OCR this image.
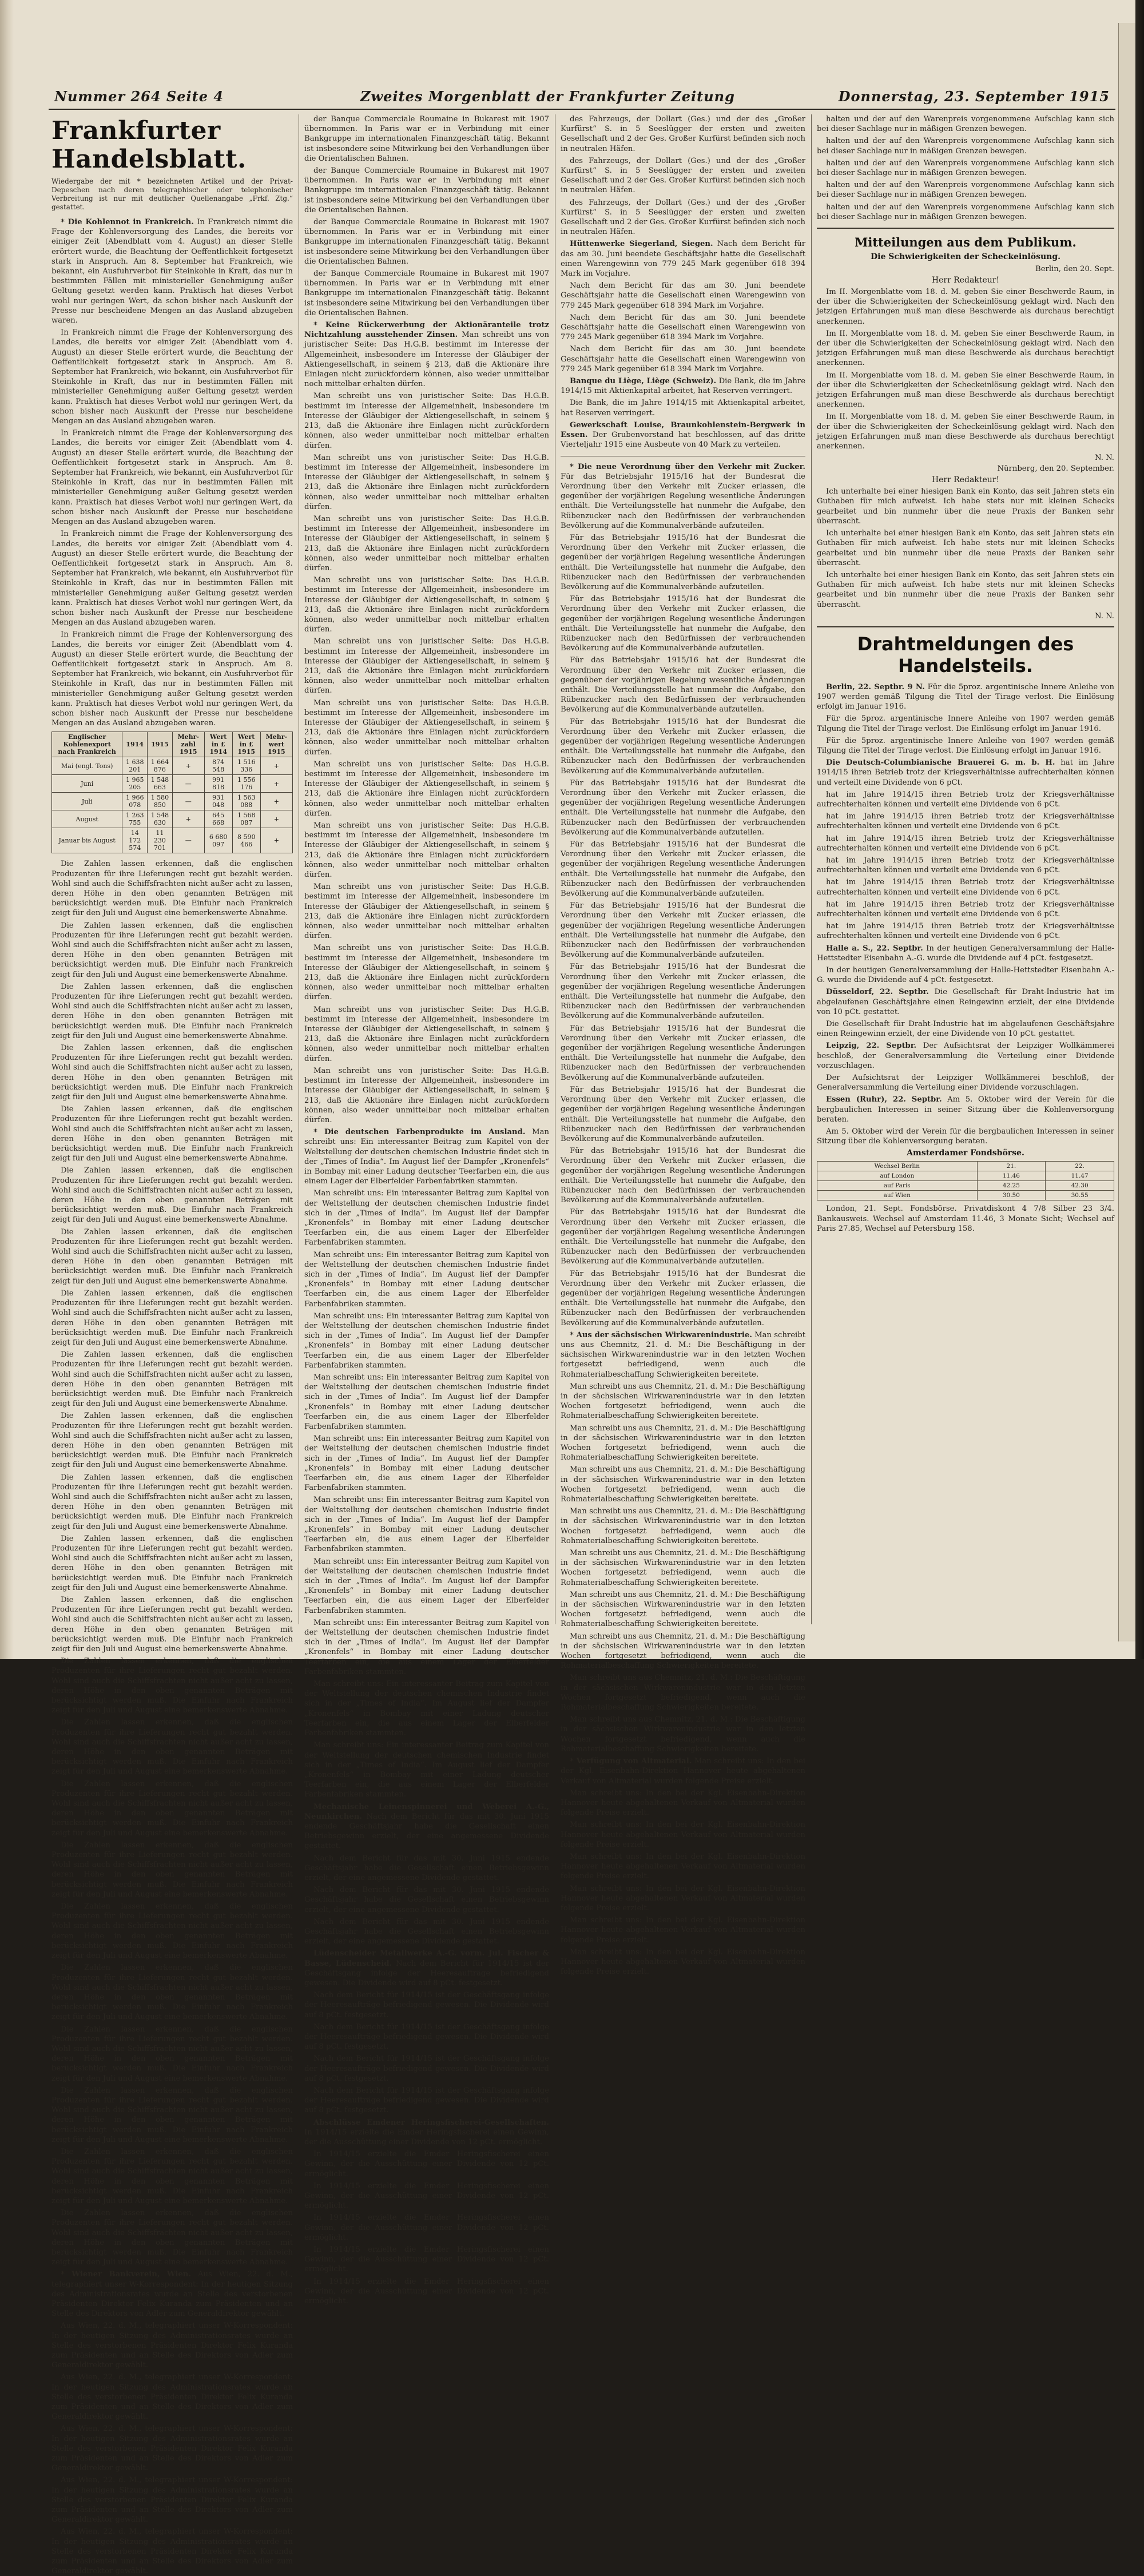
Nummer 264 Seite 4	Zweites Morgenblatt der Frankfurter Zeitung	Donnerstag, 23. September 1915
Frankfurter Handelsblatt.

Wiedergabe der mit * bezeichneten Artikel und der Privat-Depeschen nach deren telegraphischer oder telephonischer Verbreitung ist nur mit deutlicher Quellenangabe „Frkf. Ztg.“ gestattet.

* Die Kohlennot in Frankreich. In Frankreich nimmt die Frage der Kohlenversorgung des Landes, die bereits vor einiger Zeit (Abendblatt vom 4. August) an dieser Stelle erörtert wurde, die Beachtung der Oeffentlichkeit fortgesetzt stark in Anspruch. Am 8. September hat Frankreich, wie bekannt, ein Ausfuhrverbot für Steinkohle in Kraft, das nur in bestimmten Fällen mit ministerieller Genehmigung außer Geltung gesetzt werden kann. Praktisch hat dieses Verbot wohl nur geringen Wert, da schon bisher nach Auskunft der Presse nur bescheidene Mengen an das Ausland abzugeben waren.

In Frankreich nimmt die Frage der Kohlenversorgung des Landes, die bereits vor einiger Zeit (Abendblatt vom 4. August) an dieser Stelle erörtert wurde, die Beachtung der Oeffentlichkeit fortgesetzt stark in Anspruch. Am 8. September hat Frankreich, wie bekannt, ein Ausfuhrverbot für Steinkohle in Kraft, das nur in bestimmten Fällen mit ministerieller Genehmigung außer Geltung gesetzt werden kann. Praktisch hat dieses Verbot wohl nur geringen Wert, da schon bisher nach Auskunft der Presse nur bescheidene Mengen an das Ausland abzugeben waren.

In Frankreich nimmt die Frage der Kohlenversorgung des Landes, die bereits vor einiger Zeit (Abendblatt vom 4. August) an dieser Stelle erörtert wurde, die Beachtung der Oeffentlichkeit fortgesetzt stark in Anspruch. Am 8. September hat Frankreich, wie bekannt, ein Ausfuhrverbot für Steinkohle in Kraft, das nur in bestimmten Fällen mit ministerieller Genehmigung außer Geltung gesetzt werden kann. Praktisch hat dieses Verbot wohl nur geringen Wert, da schon bisher nach Auskunft der Presse nur bescheidene Mengen an das Ausland abzugeben waren.

In Frankreich nimmt die Frage der Kohlenversorgung des Landes, die bereits vor einiger Zeit (Abendblatt vom 4. August) an dieser Stelle erörtert wurde, die Beachtung der Oeffentlichkeit fortgesetzt stark in Anspruch. Am 8. September hat Frankreich, wie bekannt, ein Ausfuhrverbot für Steinkohle in Kraft, das nur in bestimmten Fällen mit ministerieller Genehmigung außer Geltung gesetzt werden kann. Praktisch hat dieses Verbot wohl nur geringen Wert, da schon bisher nach Auskunft der Presse nur bescheidene Mengen an das Ausland abzugeben waren.

In Frankreich nimmt die Frage der Kohlenversorgung des Landes, die bereits vor einiger Zeit (Abendblatt vom 4. August) an dieser Stelle erörtert wurde, die Beachtung der Oeffentlichkeit fortgesetzt stark in Anspruch. Am 8. September hat Frankreich, wie bekannt, ein Ausfuhrverbot für Steinkohle in Kraft, das nur in bestimmten Fällen mit ministerieller Genehmigung außer Geltung gesetzt werden kann. Praktisch hat dieses Verbot wohl nur geringen Wert, da schon bisher nach Auskunft der Presse nur bescheidene Mengen an das Ausland abzugeben waren.

Englischer Kohlenexport nach Frankreich	1914	1915	Mehr-zahl 1915	Wert in £ 1914	Wert in £ 1915	Mehr-wert 1915
Mai (engl. Tons)	1 638 201	1 664 876	+	874 548	1 516 336	+
Juni	1 965 205	1 548 663	—	991 818	1 556 176	+
Juli	1 966 078	1 580 850	—	931 048	1 563 088	+
August	1 263 755	1 548 630	+	645 668	1 568 087	+
Januar bis August	14 172 574	11 230 701	—	6 680 097	8 590 466	+

Die Zahlen lassen erkennen, daß die englischen Produzenten für ihre Lieferungen recht gut bezahlt werden. Wohl sind auch die Schiffsfrachten nicht außer acht zu lassen, deren Höhe in den oben genannten Beträgen mit berücksichtigt werden muß. Die Einfuhr nach Frankreich zeigt für den Juli und August eine bemerkenswerte Abnahme.

Die Zahlen lassen erkennen, daß die englischen Produzenten für ihre Lieferungen recht gut bezahlt werden. Wohl sind auch die Schiffsfrachten nicht außer acht zu lassen, deren Höhe in den oben genannten Beträgen mit berücksichtigt werden muß. Die Einfuhr nach Frankreich zeigt für den Juli und August eine bemerkenswerte Abnahme.

Die Zahlen lassen erkennen, daß die englischen Produzenten für ihre Lieferungen recht gut bezahlt werden. Wohl sind auch die Schiffsfrachten nicht außer acht zu lassen, deren Höhe in den oben genannten Beträgen mit berücksichtigt werden muß. Die Einfuhr nach Frankreich zeigt für den Juli und August eine bemerkenswerte Abnahme.

Die Zahlen lassen erkennen, daß die englischen Produzenten für ihre Lieferungen recht gut bezahlt werden. Wohl sind auch die Schiffsfrachten nicht außer acht zu lassen, deren Höhe in den oben genannten Beträgen mit berücksichtigt werden muß. Die Einfuhr nach Frankreich zeigt für den Juli und August eine bemerkenswerte Abnahme.

Die Zahlen lassen erkennen, daß die englischen Produzenten für ihre Lieferungen recht gut bezahlt werden. Wohl sind auch die Schiffsfrachten nicht außer acht zu lassen, deren Höhe in den oben genannten Beträgen mit berücksichtigt werden muß. Die Einfuhr nach Frankreich zeigt für den Juli und August eine bemerkenswerte Abnahme.

Die Zahlen lassen erkennen, daß die englischen Produzenten für ihre Lieferungen recht gut bezahlt werden. Wohl sind auch die Schiffsfrachten nicht außer acht zu lassen, deren Höhe in den oben genannten Beträgen mit berücksichtigt werden muß. Die Einfuhr nach Frankreich zeigt für den Juli und August eine bemerkenswerte Abnahme.

Die Zahlen lassen erkennen, daß die englischen Produzenten für ihre Lieferungen recht gut bezahlt werden. Wohl sind auch die Schiffsfrachten nicht außer acht zu lassen, deren Höhe in den oben genannten Beträgen mit berücksichtigt werden muß. Die Einfuhr nach Frankreich zeigt für den Juli und August eine bemerkenswerte Abnahme.

Die Zahlen lassen erkennen, daß die englischen Produzenten für ihre Lieferungen recht gut bezahlt werden. Wohl sind auch die Schiffsfrachten nicht außer acht zu lassen, deren Höhe in den oben genannten Beträgen mit berücksichtigt werden muß. Die Einfuhr nach Frankreich zeigt für den Juli und August eine bemerkenswerte Abnahme.

Die Zahlen lassen erkennen, daß die englischen Produzenten für ihre Lieferungen recht gut bezahlt werden. Wohl sind auch die Schiffsfrachten nicht außer acht zu lassen, deren Höhe in den oben genannten Beträgen mit berücksichtigt werden muß. Die Einfuhr nach Frankreich zeigt für den Juli und August eine bemerkenswerte Abnahme.

Die Zahlen lassen erkennen, daß die englischen Produzenten für ihre Lieferungen recht gut bezahlt werden. Wohl sind auch die Schiffsfrachten nicht außer acht zu lassen, deren Höhe in den oben genannten Beträgen mit berücksichtigt werden muß. Die Einfuhr nach Frankreich zeigt für den Juli und August eine bemerkenswerte Abnahme.

Die Zahlen lassen erkennen, daß die englischen Produzenten für ihre Lieferungen recht gut bezahlt werden. Wohl sind auch die Schiffsfrachten nicht außer acht zu lassen, deren Höhe in den oben genannten Beträgen mit berücksichtigt werden muß. Die Einfuhr nach Frankreich zeigt für den Juli und August eine bemerkenswerte Abnahme.

Die Zahlen lassen erkennen, daß die englischen Produzenten für ihre Lieferungen recht gut bezahlt werden. Wohl sind auch die Schiffsfrachten nicht außer acht zu lassen, deren Höhe in den oben genannten Beträgen mit berücksichtigt werden muß. Die Einfuhr nach Frankreich zeigt für den Juli und August eine bemerkenswerte Abnahme.

Die Zahlen lassen erkennen, daß die englischen Produzenten für ihre Lieferungen recht gut bezahlt werden. Wohl sind auch die Schiffsfrachten nicht außer acht zu lassen, deren Höhe in den oben genannten Beträgen mit berücksichtigt werden muß. Die Einfuhr nach Frankreich zeigt für den Juli und August eine bemerkenswerte Abnahme.

Die Zahlen lassen erkennen, daß die englischen Produzenten für ihre Lieferungen recht gut bezahlt werden. Wohl sind auch die Schiffsfrachten nicht außer acht zu lassen, deren Höhe in den oben genannten Beträgen mit berücksichtigt werden muß. Die Einfuhr nach Frankreich zeigt für den Juli und August eine bemerkenswerte Abnahme.

Die Zahlen lassen erkennen, daß die englischen Produzenten für ihre Lieferungen recht gut bezahlt werden. Wohl sind auch die Schiffsfrachten nicht außer acht zu lassen, deren Höhe in den oben genannten Beträgen mit berücksichtigt werden muß. Die Einfuhr nach Frankreich zeigt für den Juli und August eine bemerkenswerte Abnahme.

Die Zahlen lassen erkennen, daß die englischen Produzenten für ihre Lieferungen recht gut bezahlt werden. Wohl sind auch die Schiffsfrachten nicht außer acht zu lassen, deren Höhe in den oben genannten Beträgen mit berücksichtigt werden muß. Die Einfuhr nach Frankreich zeigt für den Juli und August eine bemerkenswerte Abnahme.

Die Zahlen lassen erkennen, daß die englischen Produzenten für ihre Lieferungen recht gut bezahlt werden. Wohl sind auch die Schiffsfrachten nicht außer acht zu lassen, deren Höhe in den oben genannten Beträgen mit berücksichtigt werden muß. Die Einfuhr nach Frankreich zeigt für den Juli und August eine bemerkenswerte Abnahme.

Die Zahlen lassen erkennen, daß die englischen Produzenten für ihre Lieferungen recht gut bezahlt werden. Wohl sind auch die Schiffsfrachten nicht außer acht zu lassen, deren Höhe in den oben genannten Beträgen mit berücksichtigt werden muß. Die Einfuhr nach Frankreich zeigt für den Juli und August eine bemerkenswerte Abnahme.

Die Zahlen lassen erkennen, daß die englischen Produzenten für ihre Lieferungen recht gut bezahlt werden. Wohl sind auch die Schiffsfrachten nicht außer acht zu lassen, deren Höhe in den oben genannten Beträgen mit berücksichtigt werden muß. Die Einfuhr nach Frankreich zeigt für den Juli und August eine bemerkenswerte Abnahme.

Die Zahlen lassen erkennen, daß die englischen Produzenten für ihre Lieferungen recht gut bezahlt werden. Wohl sind auch die Schiffsfrachten nicht außer acht zu lassen, deren Höhe in den oben genannten Beträgen mit berücksichtigt werden muß. Die Einfuhr nach Frankreich zeigt für den Juli und August eine bemerkenswerte Abnahme.

Die Zahlen lassen erkennen, daß die englischen Produzenten für ihre Lieferungen recht gut bezahlt werden. Wohl sind auch die Schiffsfrachten nicht außer acht zu lassen, deren Höhe in den oben genannten Beträgen mit berücksichtigt werden muß. Die Einfuhr nach Frankreich zeigt für den Juli und August eine bemerkenswerte Abnahme.

Die Zahlen lassen erkennen, daß die englischen Produzenten für ihre Lieferungen recht gut bezahlt werden. Wohl sind auch die Schiffsfrachten nicht außer acht zu lassen, deren Höhe in den oben genannten Beträgen mit berücksichtigt werden muß. Die Einfuhr nach Frankreich zeigt für den Juli und August eine bemerkenswerte Abnahme.

Die Zahlen lassen erkennen, daß die englischen Produzenten für ihre Lieferungen recht gut bezahlt werden. Wohl sind auch die Schiffsfrachten nicht außer acht zu lassen, deren Höhe in den oben genannten Beträgen mit berücksichtigt werden muß. Die Einfuhr nach Frankreich zeigt für den Juli und August eine bemerkenswerte Abnahme.

* Wiener Bankverein, Wien. Aus Wien, 22. d. M., telegraphiert unser W-Korrespondent: In der heutigen Sitzung des Administrationsrates wurde an Stelle des verstorbenen Präsidenten Direktor Felix Kuranda zum Präsidenten und an Stelle des Direktors von Adler zum Generaldirektor gewählt.

Aus Wien, 22. d. M., telegraphiert unser W-Korrespondent: In der heutigen Sitzung des Administrationsrates wurde an Stelle des verstorbenen Präsidenten Direktor Felix Kuranda zum Präsidenten und an Stelle des Direktors von Adler zum Generaldirektor gewählt.

Aus Wien, 22. d. M., telegraphiert unser W-Korrespondent: In der heutigen Sitzung des Administrationsrates wurde an Stelle des verstorbenen Präsidenten Direktor Felix Kuranda zum Präsidenten und an Stelle des Direktors von Adler zum Generaldirektor gewählt.

Aus Wien, 22. d. M., telegraphiert unser W-Korrespondent: In der heutigen Sitzung des Administrationsrates wurde an Stelle des verstorbenen Präsidenten Direktor Felix Kuranda zum Präsidenten und an Stelle des Direktors von Adler zum Generaldirektor gewählt.

Aus Wien, 22. d. M., telegraphiert unser W-Korrespondent: In der heutigen Sitzung des Administrationsrates wurde an Stelle des verstorbenen Präsidenten Direktor Felix Kuranda zum Präsidenten und an Stelle des Direktors von Adler zum Generaldirektor gewählt.

Aus Wien, 22. d. M., telegraphiert unser W-Korrespondent: In der heutigen Sitzung des Administrationsrates wurde an Stelle des verstorbenen Präsidenten Direktor Felix Kuranda zum Präsidenten und an Stelle des Direktors von Adler zum Generaldirektor gewählt.

der Banque Commerciale Roumaine in Bukarest mit 1907 übernommen. In Paris war er in Verbindung mit einer Bankgruppe im internationalen Finanzgeschäft tätig. Bekannt ist insbesondere seine Mitwirkung bei den Verhandlungen über die Orientalischen Bahnen.

der Banque Commerciale Roumaine in Bukarest mit 1907 übernommen. In Paris war er in Verbindung mit einer Bankgruppe im internationalen Finanzgeschäft tätig. Bekannt ist insbesondere seine Mitwirkung bei den Verhandlungen über die Orientalischen Bahnen.

der Banque Commerciale Roumaine in Bukarest mit 1907 übernommen. In Paris war er in Verbindung mit einer Bankgruppe im internationalen Finanzgeschäft tätig. Bekannt ist insbesondere seine Mitwirkung bei den Verhandlungen über die Orientalischen Bahnen.

der Banque Commerciale Roumaine in Bukarest mit 1907 übernommen. In Paris war er in Verbindung mit einer Bankgruppe im internationalen Finanzgeschäft tätig. Bekannt ist insbesondere seine Mitwirkung bei den Verhandlungen über die Orientalischen Bahnen.

* Keine Rückerwerbung der Aktionäranteile trotz Nichtzahlung ausstehender Zinsen. Man schreibt uns von juristischer Seite: Das H.G.B. bestimmt im Interesse der Allgemeinheit, insbesondere im Interesse der Gläubiger der Aktiengesellschaft, in seinem § 213, daß die Aktionäre ihre Einlagen nicht zurückfordern können, also weder unmittelbar noch mittelbar erhalten dürfen.

Man schreibt uns von juristischer Seite: Das H.G.B. bestimmt im Interesse der Allgemeinheit, insbesondere im Interesse der Gläubiger der Aktiengesellschaft, in seinem § 213, daß die Aktionäre ihre Einlagen nicht zurückfordern können, also weder unmittelbar noch mittelbar erhalten dürfen.

Man schreibt uns von juristischer Seite: Das H.G.B. bestimmt im Interesse der Allgemeinheit, insbesondere im Interesse der Gläubiger der Aktiengesellschaft, in seinem § 213, daß die Aktionäre ihre Einlagen nicht zurückfordern können, also weder unmittelbar noch mittelbar erhalten dürfen.

Man schreibt uns von juristischer Seite: Das H.G.B. bestimmt im Interesse der Allgemeinheit, insbesondere im Interesse der Gläubiger der Aktiengesellschaft, in seinem § 213, daß die Aktionäre ihre Einlagen nicht zurückfordern können, also weder unmittelbar noch mittelbar erhalten dürfen.

Man schreibt uns von juristischer Seite: Das H.G.B. bestimmt im Interesse der Allgemeinheit, insbesondere im Interesse der Gläubiger der Aktiengesellschaft, in seinem § 213, daß die Aktionäre ihre Einlagen nicht zurückfordern können, also weder unmittelbar noch mittelbar erhalten dürfen.

Man schreibt uns von juristischer Seite: Das H.G.B. bestimmt im Interesse der Allgemeinheit, insbesondere im Interesse der Gläubiger der Aktiengesellschaft, in seinem § 213, daß die Aktionäre ihre Einlagen nicht zurückfordern können, also weder unmittelbar noch mittelbar erhalten dürfen.

Man schreibt uns von juristischer Seite: Das H.G.B. bestimmt im Interesse der Allgemeinheit, insbesondere im Interesse der Gläubiger der Aktiengesellschaft, in seinem § 213, daß die Aktionäre ihre Einlagen nicht zurückfordern können, also weder unmittelbar noch mittelbar erhalten dürfen.

Man schreibt uns von juristischer Seite: Das H.G.B. bestimmt im Interesse der Allgemeinheit, insbesondere im Interesse der Gläubiger der Aktiengesellschaft, in seinem § 213, daß die Aktionäre ihre Einlagen nicht zurückfordern können, also weder unmittelbar noch mittelbar erhalten dürfen.

Man schreibt uns von juristischer Seite: Das H.G.B. bestimmt im Interesse der Allgemeinheit, insbesondere im Interesse der Gläubiger der Aktiengesellschaft, in seinem § 213, daß die Aktionäre ihre Einlagen nicht zurückfordern können, also weder unmittelbar noch mittelbar erhalten dürfen.

Man schreibt uns von juristischer Seite: Das H.G.B. bestimmt im Interesse der Allgemeinheit, insbesondere im Interesse der Gläubiger der Aktiengesellschaft, in seinem § 213, daß die Aktionäre ihre Einlagen nicht zurückfordern können, also weder unmittelbar noch mittelbar erhalten dürfen.

Man schreibt uns von juristischer Seite: Das H.G.B. bestimmt im Interesse der Allgemeinheit, insbesondere im Interesse der Gläubiger der Aktiengesellschaft, in seinem § 213, daß die Aktionäre ihre Einlagen nicht zurückfordern können, also weder unmittelbar noch mittelbar erhalten dürfen.

Man schreibt uns von juristischer Seite: Das H.G.B. bestimmt im Interesse der Allgemeinheit, insbesondere im Interesse der Gläubiger der Aktiengesellschaft, in seinem § 213, daß die Aktionäre ihre Einlagen nicht zurückfordern können, also weder unmittelbar noch mittelbar erhalten dürfen.

Man schreibt uns von juristischer Seite: Das H.G.B. bestimmt im Interesse der Allgemeinheit, insbesondere im Interesse der Gläubiger der Aktiengesellschaft, in seinem § 213, daß die Aktionäre ihre Einlagen nicht zurückfordern können, also weder unmittelbar noch mittelbar erhalten dürfen.

* Die deutschen Farbenprodukte im Ausland. Man schreibt uns: Ein interessanter Beitrag zum Kapitel von der Weltstellung der deutschen chemischen Industrie findet sich in der „Times of India“. Im August lief der Dampfer „Kronenfels“ in Bombay mit einer Ladung deutscher Teerfarben ein, die aus einem Lager der Elberfelder Farbenfabriken stammten.

Man schreibt uns: Ein interessanter Beitrag zum Kapitel von der Weltstellung der deutschen chemischen Industrie findet sich in der „Times of India“. Im August lief der Dampfer „Kronenfels“ in Bombay mit einer Ladung deutscher Teerfarben ein, die aus einem Lager der Elberfelder Farbenfabriken stammten.

Man schreibt uns: Ein interessanter Beitrag zum Kapitel von der Weltstellung der deutschen chemischen Industrie findet sich in der „Times of India“. Im August lief der Dampfer „Kronenfels“ in Bombay mit einer Ladung deutscher Teerfarben ein, die aus einem Lager der Elberfelder Farbenfabriken stammten.

Man schreibt uns: Ein interessanter Beitrag zum Kapitel von der Weltstellung der deutschen chemischen Industrie findet sich in der „Times of India“. Im August lief der Dampfer „Kronenfels“ in Bombay mit einer Ladung deutscher Teerfarben ein, die aus einem Lager der Elberfelder Farbenfabriken stammten.

Man schreibt uns: Ein interessanter Beitrag zum Kapitel von der Weltstellung der deutschen chemischen Industrie findet sich in der „Times of India“. Im August lief der Dampfer „Kronenfels“ in Bombay mit einer Ladung deutscher Teerfarben ein, die aus einem Lager der Elberfelder Farbenfabriken stammten.

Man schreibt uns: Ein interessanter Beitrag zum Kapitel von der Weltstellung der deutschen chemischen Industrie findet sich in der „Times of India“. Im August lief der Dampfer „Kronenfels“ in Bombay mit einer Ladung deutscher Teerfarben ein, die aus einem Lager der Elberfelder Farbenfabriken stammten.

Man schreibt uns: Ein interessanter Beitrag zum Kapitel von der Weltstellung der deutschen chemischen Industrie findet sich in der „Times of India“. Im August lief der Dampfer „Kronenfels“ in Bombay mit einer Ladung deutscher Teerfarben ein, die aus einem Lager der Elberfelder Farbenfabriken stammten.

Man schreibt uns: Ein interessanter Beitrag zum Kapitel von der Weltstellung der deutschen chemischen Industrie findet sich in der „Times of India“. Im August lief der Dampfer „Kronenfels“ in Bombay mit einer Ladung deutscher Teerfarben ein, die aus einem Lager der Elberfelder Farbenfabriken stammten.

Man schreibt uns: Ein interessanter Beitrag zum Kapitel von der Weltstellung der deutschen chemischen Industrie findet sich in der „Times of India“. Im August lief der Dampfer „Kronenfels“ in Bombay mit einer Ladung deutscher Teerfarben ein, die aus einem Lager der Elberfelder Farbenfabriken stammten.

Man schreibt uns: Ein interessanter Beitrag zum Kapitel von der Weltstellung der deutschen chemischen Industrie findet sich in der „Times of India“. Im August lief der Dampfer „Kronenfels“ in Bombay mit einer Ladung deutscher Teerfarben ein, die aus einem Lager der Elberfelder Farbenfabriken stammten.

Man schreibt uns: Ein interessanter Beitrag zum Kapitel von der Weltstellung der deutschen chemischen Industrie findet sich in der „Times of India“. Im August lief der Dampfer „Kronenfels“ in Bombay mit einer Ladung deutscher Teerfarben ein, die aus einem Lager der Elberfelder Farbenfabriken stammten.

Mechanische Leinenspinnerei und Weberei A.-G., Neunkirchen. Nach dem Bericht für das mit 30. Juni 1915 endende Geschäftsjahr habe die Gesellschaft einen Betriebsgewinn erzielt, der eine angemessene Dividende gestattet.

Nach dem Bericht für das mit 30. Juni 1915 endende Geschäftsjahr habe die Gesellschaft einen Betriebsgewinn erzielt, der eine angemessene Dividende gestattet.

Nach dem Bericht für das mit 30. Juni 1915 endende Geschäftsjahr habe die Gesellschaft einen Betriebsgewinn erzielt, der eine angemessene Dividende gestattet.

Nach dem Bericht für das mit 30. Juni 1915 endende Geschäftsjahr habe die Gesellschaft einen Betriebsgewinn erzielt, der eine angemessene Dividende gestattet.

Lüdenscheider Metallwerke A.-G. vorm. Jul. Fischer & Basse, Lüdenscheid. Nach dem Bericht für 1914/15 ist der Geschäftsgang infolge der Heeresaufträge befriedigend gewesen. Die Dividende wird auf 8 pCt. festgesetzt.

Nach dem Bericht für 1914/15 ist der Geschäftsgang infolge der Heeresaufträge befriedigend gewesen. Die Dividende wird auf 8 pCt. festgesetzt.

Nach dem Bericht für 1914/15 ist der Geschäftsgang infolge der Heeresaufträge befriedigend gewesen. Die Dividende wird auf 8 pCt. festgesetzt.

Nach dem Bericht für 1914/15 ist der Geschäftsgang infolge der Heeresaufträge befriedigend gewesen. Die Dividende wird auf 8 pCt. festgesetzt.

Nach dem Bericht für 1914/15 ist der Geschäftsgang infolge der Heeresaufträge befriedigend gewesen. Die Dividende wird auf 8 pCt. festgesetzt.

Abschlüsse Emdener Heringsfischerei-Gesellschaften. In 1914/15 erzielte die Emder Heringsfischerei einen Gewinn, der die Ausschüttung einer Dividende von 12 pCt. ermöglicht.

In 1914/15 erzielte die Emder Heringsfischerei einen Gewinn, der die Ausschüttung einer Dividende von 12 pCt. ermöglicht.

In 1914/15 erzielte die Emder Heringsfischerei einen Gewinn, der die Ausschüttung einer Dividende von 12 pCt. ermöglicht.

In 1914/15 erzielte die Emder Heringsfischerei einen Gewinn, der die Ausschüttung einer Dividende von 12 pCt. ermöglicht.

In 1914/15 erzielte die Emder Heringsfischerei einen Gewinn, der die Ausschüttung einer Dividende von 12 pCt. ermöglicht.

In 1914/15 erzielte die Emder Heringsfischerei einen Gewinn, der die Ausschüttung einer Dividende von 12 pCt. ermöglicht.

des Fahrzeugs, der Dollart (Ges.) und der des „Großer Kurfürst“ S. in 5 Seeslügger der ersten und zweiten Gesellschaft und 2 der Ges. Großer Kurfürst befinden sich noch in neutralen Häfen.

des Fahrzeugs, der Dollart (Ges.) und der des „Großer Kurfürst“ S. in 5 Seeslügger der ersten und zweiten Gesellschaft und 2 der Ges. Großer Kurfürst befinden sich noch in neutralen Häfen.

des Fahrzeugs, der Dollart (Ges.) und der des „Großer Kurfürst“ S. in 5 Seeslügger der ersten und zweiten Gesellschaft und 2 der Ges. Großer Kurfürst befinden sich noch in neutralen Häfen.

Hüttenwerke Siegerland, Siegen. Nach dem Bericht für das am 30. Juni beendete Geschäftsjahr hatte die Gesellschaft einen Warengewinn von 779 245 Mark gegenüber 618 394 Mark im Vorjahre.

Nach dem Bericht für das am 30. Juni beendete Geschäftsjahr hatte die Gesellschaft einen Warengewinn von 779 245 Mark gegenüber 618 394 Mark im Vorjahre.

Nach dem Bericht für das am 30. Juni beendete Geschäftsjahr hatte die Gesellschaft einen Warengewinn von 779 245 Mark gegenüber 618 394 Mark im Vorjahre.

Nach dem Bericht für das am 30. Juni beendete Geschäftsjahr hatte die Gesellschaft einen Warengewinn von 779 245 Mark gegenüber 618 394 Mark im Vorjahre.

Banque du Liège, Liège (Schweiz). Die Bank, die im Jahre 1914/15 mit Aktienkapital arbeitet, hat Reserven verringert.

Die Bank, die im Jahre 1914/15 mit Aktienkapital arbeitet, hat Reserven verringert.

Gewerkschaft Louise, Braunkohlenstein-Bergwerk in Essen. Der Grubenvorstand hat beschlossen, auf das dritte Vierteljahr 1915 eine Ausbeute von 40 Mark zu verteilen.

* Die neue Verordnung über den Verkehr mit Zucker. Für das Betriebsjahr 1915/16 hat der Bundesrat die Verordnung über den Verkehr mit Zucker erlassen, die gegenüber der vorjährigen Regelung wesentliche Änderungen enthält. Die Verteilungsstelle hat nunmehr die Aufgabe, den Rübenzucker nach den Bedürfnissen der verbrauchenden Bevölkerung auf die Kommunalverbände aufzuteilen.

Für das Betriebsjahr 1915/16 hat der Bundesrat die Verordnung über den Verkehr mit Zucker erlassen, die gegenüber der vorjährigen Regelung wesentliche Änderungen enthält. Die Verteilungsstelle hat nunmehr die Aufgabe, den Rübenzucker nach den Bedürfnissen der verbrauchenden Bevölkerung auf die Kommunalverbände aufzuteilen.

Für das Betriebsjahr 1915/16 hat der Bundesrat die Verordnung über den Verkehr mit Zucker erlassen, die gegenüber der vorjährigen Regelung wesentliche Änderungen enthält. Die Verteilungsstelle hat nunmehr die Aufgabe, den Rübenzucker nach den Bedürfnissen der verbrauchenden Bevölkerung auf die Kommunalverbände aufzuteilen.

Für das Betriebsjahr 1915/16 hat der Bundesrat die Verordnung über den Verkehr mit Zucker erlassen, die gegenüber der vorjährigen Regelung wesentliche Änderungen enthält. Die Verteilungsstelle hat nunmehr die Aufgabe, den Rübenzucker nach den Bedürfnissen der verbrauchenden Bevölkerung auf die Kommunalverbände aufzuteilen.

Für das Betriebsjahr 1915/16 hat der Bundesrat die Verordnung über den Verkehr mit Zucker erlassen, die gegenüber der vorjährigen Regelung wesentliche Änderungen enthält. Die Verteilungsstelle hat nunmehr die Aufgabe, den Rübenzucker nach den Bedürfnissen der verbrauchenden Bevölkerung auf die Kommunalverbände aufzuteilen.

Für das Betriebsjahr 1915/16 hat der Bundesrat die Verordnung über den Verkehr mit Zucker erlassen, die gegenüber der vorjährigen Regelung wesentliche Änderungen enthält. Die Verteilungsstelle hat nunmehr die Aufgabe, den Rübenzucker nach den Bedürfnissen der verbrauchenden Bevölkerung auf die Kommunalverbände aufzuteilen.

Für das Betriebsjahr 1915/16 hat der Bundesrat die Verordnung über den Verkehr mit Zucker erlassen, die gegenüber der vorjährigen Regelung wesentliche Änderungen enthält. Die Verteilungsstelle hat nunmehr die Aufgabe, den Rübenzucker nach den Bedürfnissen der verbrauchenden Bevölkerung auf die Kommunalverbände aufzuteilen.

Für das Betriebsjahr 1915/16 hat der Bundesrat die Verordnung über den Verkehr mit Zucker erlassen, die gegenüber der vorjährigen Regelung wesentliche Änderungen enthält. Die Verteilungsstelle hat nunmehr die Aufgabe, den Rübenzucker nach den Bedürfnissen der verbrauchenden Bevölkerung auf die Kommunalverbände aufzuteilen.

Für das Betriebsjahr 1915/16 hat der Bundesrat die Verordnung über den Verkehr mit Zucker erlassen, die gegenüber der vorjährigen Regelung wesentliche Änderungen enthält. Die Verteilungsstelle hat nunmehr die Aufgabe, den Rübenzucker nach den Bedürfnissen der verbrauchenden Bevölkerung auf die Kommunalverbände aufzuteilen.

Für das Betriebsjahr 1915/16 hat der Bundesrat die Verordnung über den Verkehr mit Zucker erlassen, die gegenüber der vorjährigen Regelung wesentliche Änderungen enthält. Die Verteilungsstelle hat nunmehr die Aufgabe, den Rübenzucker nach den Bedürfnissen der verbrauchenden Bevölkerung auf die Kommunalverbände aufzuteilen.

Für das Betriebsjahr 1915/16 hat der Bundesrat die Verordnung über den Verkehr mit Zucker erlassen, die gegenüber der vorjährigen Regelung wesentliche Änderungen enthält. Die Verteilungsstelle hat nunmehr die Aufgabe, den Rübenzucker nach den Bedürfnissen der verbrauchenden Bevölkerung auf die Kommunalverbände aufzuteilen.

Für das Betriebsjahr 1915/16 hat der Bundesrat die Verordnung über den Verkehr mit Zucker erlassen, die gegenüber der vorjährigen Regelung wesentliche Änderungen enthält. Die Verteilungsstelle hat nunmehr die Aufgabe, den Rübenzucker nach den Bedürfnissen der verbrauchenden Bevölkerung auf die Kommunalverbände aufzuteilen.

Für das Betriebsjahr 1915/16 hat der Bundesrat die Verordnung über den Verkehr mit Zucker erlassen, die gegenüber der vorjährigen Regelung wesentliche Änderungen enthält. Die Verteilungsstelle hat nunmehr die Aufgabe, den Rübenzucker nach den Bedürfnissen der verbrauchenden Bevölkerung auf die Kommunalverbände aufzuteilen.

Für das Betriebsjahr 1915/16 hat der Bundesrat die Verordnung über den Verkehr mit Zucker erlassen, die gegenüber der vorjährigen Regelung wesentliche Änderungen enthält. Die Verteilungsstelle hat nunmehr die Aufgabe, den Rübenzucker nach den Bedürfnissen der verbrauchenden Bevölkerung auf die Kommunalverbände aufzuteilen.

* Aus der sächsischen Wirkwarenindustrie. Man schreibt uns aus Chemnitz, 21. d. M.: Die Beschäftigung in der sächsischen Wirkwarenindustrie war in den letzten Wochen fortgesetzt befriedigend, wenn auch die Rohmaterialbeschaffung Schwierigkeiten bereitete.

Man schreibt uns aus Chemnitz, 21. d. M.: Die Beschäftigung in der sächsischen Wirkwarenindustrie war in den letzten Wochen fortgesetzt befriedigend, wenn auch die Rohmaterialbeschaffung Schwierigkeiten bereitete.

Man schreibt uns aus Chemnitz, 21. d. M.: Die Beschäftigung in der sächsischen Wirkwarenindustrie war in den letzten Wochen fortgesetzt befriedigend, wenn auch die Rohmaterialbeschaffung Schwierigkeiten bereitete.

Man schreibt uns aus Chemnitz, 21. d. M.: Die Beschäftigung in der sächsischen Wirkwarenindustrie war in den letzten Wochen fortgesetzt befriedigend, wenn auch die Rohmaterialbeschaffung Schwierigkeiten bereitete.

Man schreibt uns aus Chemnitz, 21. d. M.: Die Beschäftigung in der sächsischen Wirkwarenindustrie war in den letzten Wochen fortgesetzt befriedigend, wenn auch die Rohmaterialbeschaffung Schwierigkeiten bereitete.

Man schreibt uns aus Chemnitz, 21. d. M.: Die Beschäftigung in der sächsischen Wirkwarenindustrie war in den letzten Wochen fortgesetzt befriedigend, wenn auch die Rohmaterialbeschaffung Schwierigkeiten bereitete.

Man schreibt uns aus Chemnitz, 21. d. M.: Die Beschäftigung in der sächsischen Wirkwarenindustrie war in den letzten Wochen fortgesetzt befriedigend, wenn auch die Rohmaterialbeschaffung Schwierigkeiten bereitete.

Man schreibt uns aus Chemnitz, 21. d. M.: Die Beschäftigung in der sächsischen Wirkwarenindustrie war in den letzten Wochen fortgesetzt befriedigend, wenn auch die Rohmaterialbeschaffung Schwierigkeiten bereitete.

Man schreibt uns aus Chemnitz, 21. d. M.: Die Beschäftigung in der sächsischen Wirkwarenindustrie war in den letzten Wochen fortgesetzt befriedigend, wenn auch die Rohmaterialbeschaffung Schwierigkeiten bereitete.

Man schreibt uns aus Chemnitz, 21. d. M.: Die Beschäftigung in der sächsischen Wirkwarenindustrie war in den letzten Wochen fortgesetzt befriedigend, wenn auch die Rohmaterialbeschaffung Schwierigkeiten bereitete.

* Verfügung von Altmaterial. Man schreibt uns: In den bei der Kgl. Eisenbahn-Direktion Hannover heute abgehaltenen Verkauf von Altmaterial wurden folgende Preise erzielt.

Man schreibt uns: In den bei der Kgl. Eisenbahn-Direktion Hannover heute abgehaltenen Verkauf von Altmaterial wurden folgende Preise erzielt.

Man schreibt uns: In den bei der Kgl. Eisenbahn-Direktion Hannover heute abgehaltenen Verkauf von Altmaterial wurden folgende Preise erzielt.

Man schreibt uns: In den bei der Kgl. Eisenbahn-Direktion Hannover heute abgehaltenen Verkauf von Altmaterial wurden folgende Preise erzielt.

Man schreibt uns: In den bei der Kgl. Eisenbahn-Direktion Hannover heute abgehaltenen Verkauf von Altmaterial wurden folgende Preise erzielt.

Man schreibt uns: In den bei der Kgl. Eisenbahn-Direktion Hannover heute abgehaltenen Verkauf von Altmaterial wurden folgende Preise erzielt.

Man schreibt uns: In den bei der Kgl. Eisenbahn-Direktion Hannover heute abgehaltenen Verkauf von Altmaterial wurden folgende Preise erzielt.

halten und der auf den Warenpreis vorgenommene Aufschlag kann sich bei dieser Sachlage nur in mäßigen Grenzen bewegen.

halten und der auf den Warenpreis vorgenommene Aufschlag kann sich bei dieser Sachlage nur in mäßigen Grenzen bewegen.

halten und der auf den Warenpreis vorgenommene Aufschlag kann sich bei dieser Sachlage nur in mäßigen Grenzen bewegen.

halten und der auf den Warenpreis vorgenommene Aufschlag kann sich bei dieser Sachlage nur in mäßigen Grenzen bewegen.

halten und der auf den Warenpreis vorgenommene Aufschlag kann sich bei dieser Sachlage nur in mäßigen Grenzen bewegen.

Mitteilungen aus dem Publikum.
Die Schwierigkeiten der Scheckeinlösung.
Berlin, den 20. Sept.
Herr Redakteur!

Im II. Morgenblatte vom 18. d. M. geben Sie einer Beschwerde Raum, in der über die Schwierigkeiten der Scheckeinlösung geklagt wird. Nach den jetzigen Erfahrungen muß man diese Beschwerde als durchaus berechtigt anerkennen.

Im II. Morgenblatte vom 18. d. M. geben Sie einer Beschwerde Raum, in der über die Schwierigkeiten der Scheckeinlösung geklagt wird. Nach den jetzigen Erfahrungen muß man diese Beschwerde als durchaus berechtigt anerkennen.

Im II. Morgenblatte vom 18. d. M. geben Sie einer Beschwerde Raum, in der über die Schwierigkeiten der Scheckeinlösung geklagt wird. Nach den jetzigen Erfahrungen muß man diese Beschwerde als durchaus berechtigt anerkennen.

Im II. Morgenblatte vom 18. d. M. geben Sie einer Beschwerde Raum, in der über die Schwierigkeiten der Scheckeinlösung geklagt wird. Nach den jetzigen Erfahrungen muß man diese Beschwerde als durchaus berechtigt anerkennen.

N. N.
Nürnberg, den 20. September.
Herr Redakteur!

Ich unterhalte bei einer hiesigen Bank ein Konto, das seit Jahren stets ein Guthaben für mich aufweist. Ich habe stets nur mit kleinen Schecks gearbeitet und bin nunmehr über die neue Praxis der Banken sehr überrascht.

Ich unterhalte bei einer hiesigen Bank ein Konto, das seit Jahren stets ein Guthaben für mich aufweist. Ich habe stets nur mit kleinen Schecks gearbeitet und bin nunmehr über die neue Praxis der Banken sehr überrascht.

Ich unterhalte bei einer hiesigen Bank ein Konto, das seit Jahren stets ein Guthaben für mich aufweist. Ich habe stets nur mit kleinen Schecks gearbeitet und bin nunmehr über die neue Praxis der Banken sehr überrascht.

N. N.
Drahtmeldungen des Handelsteils.

Berlin, 22. Septbr. 9 N. Für die 5proz. argentinische Innere Anleihe von 1907 werden gemäß Tilgung die Titel der Tirage verlost. Die Einlösung erfolgt im Januar 1916.

Für die 5proz. argentinische Innere Anleihe von 1907 werden gemäß Tilgung die Titel der Tirage verlost. Die Einlösung erfolgt im Januar 1916.

Für die 5proz. argentinische Innere Anleihe von 1907 werden gemäß Tilgung die Titel der Tirage verlost. Die Einlösung erfolgt im Januar 1916.

Die Deutsch-Columbianische Brauerei G. m. b. H. hat im Jahre 1914/15 ihren Betrieb trotz der Kriegsverhältnisse aufrechterhalten können und verteilt eine Dividende von 6 pCt.

hat im Jahre 1914/15 ihren Betrieb trotz der Kriegsverhältnisse aufrechterhalten können und verteilt eine Dividende von 6 pCt.

hat im Jahre 1914/15 ihren Betrieb trotz der Kriegsverhältnisse aufrechterhalten können und verteilt eine Dividende von 6 pCt.

hat im Jahre 1914/15 ihren Betrieb trotz der Kriegsverhältnisse aufrechterhalten können und verteilt eine Dividende von 6 pCt.

hat im Jahre 1914/15 ihren Betrieb trotz der Kriegsverhältnisse aufrechterhalten können und verteilt eine Dividende von 6 pCt.

hat im Jahre 1914/15 ihren Betrieb trotz der Kriegsverhältnisse aufrechterhalten können und verteilt eine Dividende von 6 pCt.

hat im Jahre 1914/15 ihren Betrieb trotz der Kriegsverhältnisse aufrechterhalten können und verteilt eine Dividende von 6 pCt.

hat im Jahre 1914/15 ihren Betrieb trotz der Kriegsverhältnisse aufrechterhalten können und verteilt eine Dividende von 6 pCt.

Halle a. S., 22. Septbr. In der heutigen Generalversammlung der Halle-Hettstedter Eisenbahn A.-G. wurde die Dividende auf 4 pCt. festgesetzt.

In der heutigen Generalversammlung der Halle-Hettstedter Eisenbahn A.-G. wurde die Dividende auf 4 pCt. festgesetzt.

Düsseldorf, 22. Septbr. Die Gesellschaft für Draht-Industrie hat im abgelaufenen Geschäftsjahre einen Reingewinn erzielt, der eine Dividende von 10 pCt. gestattet.

Die Gesellschaft für Draht-Industrie hat im abgelaufenen Geschäftsjahre einen Reingewinn erzielt, der eine Dividende von 10 pCt. gestattet.

Leipzig, 22. Septbr. Der Aufsichtsrat der Leipziger Wollkämmerei beschloß, der Generalversammlung die Verteilung einer Dividende vorzuschlagen.

Der Aufsichtsrat der Leipziger Wollkämmerei beschloß, der Generalversammlung die Verteilung einer Dividende vorzuschlagen.

Essen (Ruhr), 22. Septbr. Am 5. Oktober wird der Verein für die bergbaulichen Interessen in seiner Sitzung über die Kohlenversorgung beraten.

Am 5. Oktober wird der Verein für die bergbaulichen Interessen in seiner Sitzung über die Kohlenversorgung beraten.

Amsterdamer Fondsbörse.
Wechsel Berlin	21.	22.
auf London	11.46	11.47
auf Paris	42.25	42.30
auf Wien	30.50	30.55

London, 21. Sept. Fondsbörse. Privatdiskont 4 7/8 Silber 23 3/4. Bankausweis. Wechsel auf Amsterdam 11.46, 3 Monate Sicht; Wechsel auf Paris 27.85, Wechsel auf Petersburg 158.
